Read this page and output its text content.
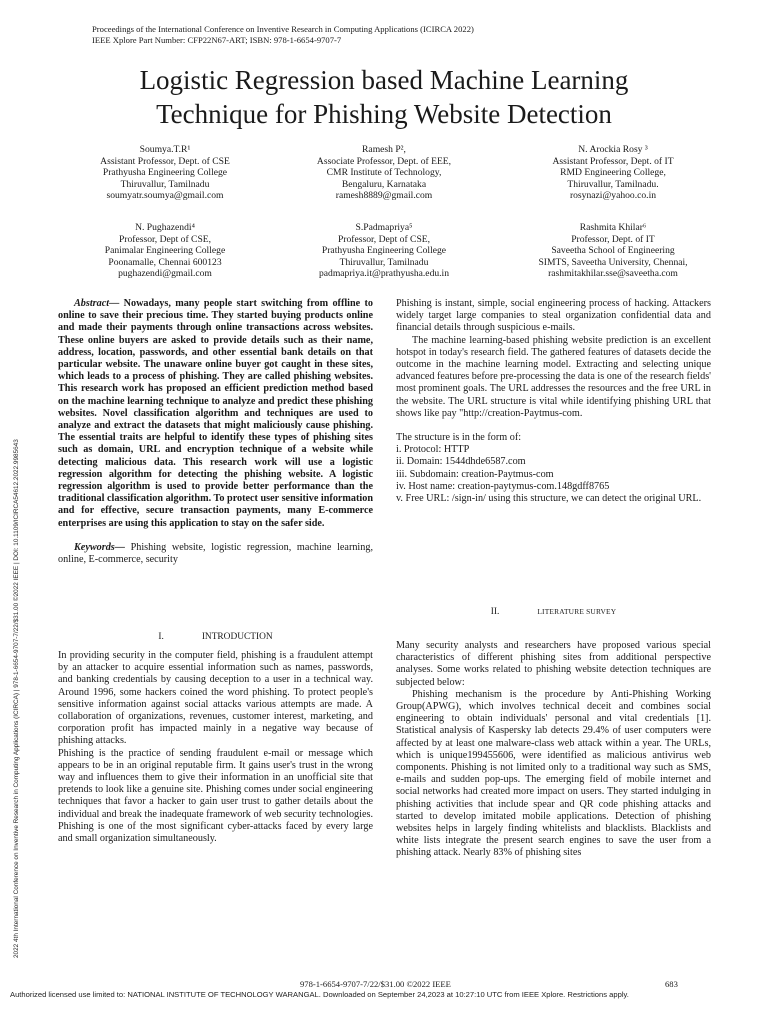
Proceedings of the International Conference on Inventive Research in Computing Applications (ICIRCA 2022)
IEEE Xplore Part Number: CFP22N67-ART; ISBN: 978-1-6654-9707-7
2022 4th International Conference on Inventive Research in Computing Applications (ICIRCA) | 978-1-6654-9707-7/22/$31.00 ©2022 IEEE | DOI: 10.1109/ICIRCA54612.2022.9985643
Logistic Regression based Machine Learning
Technique for Phishing Website Detection
Soumya.T.R¹
Assistant Professor, Dept. of CSE
Prathyusha Engineering College
Thiruvallur, Tamilnadu
soumyatr.soumya@gmail.com
Ramesh P²,
Associate Professor, Dept. of EEE,
CMR Institute of Technology,
Bengaluru, Karnataka
ramesh8889@gmail.com
N. Arockia Rosy ³
Assistant Professor, Dept. of IT
RMD Engineering College,
Thiruvallur, Tamilnadu.
rosynazi@yahoo.co.in
N. Pughazendi⁴
Professor, Dept of CSE,
Panimalar Engineering College
Poonamalle, Chennai 600123
pughazendi@gmail.com
S.Padmapriya⁵
Professor, Dept of CSE,
Prathyusha Engineering College
Thiruvallur, Tamilnadu
padmapriya.it@prathyusha.edu.in
Rashmita Khilar⁶
Professor, Dept. of IT
Saveetha School of Engineering
SIMTS, Saveetha University, Chennai,
rashmitakhilar.sse@saveetha.com

Abstract— Nowadays, many people start switching from offline to online to save their precious time. They started buying products online and made their payments through online transactions across websites. These online buyers are asked to provide details such as their name, address, location, passwords, and other essential bank details on that particular website. The unaware online buyer got caught in these sites, which leads to a process of phishing. They are called phishing websites. This research work has proposed an efficient prediction method based on the machine learning technique to analyze and predict these phishing websites. Novel classification algorithm and techniques are used to analyze and extract the datasets that might maliciously cause phishing. The essential traits are helpful to identify these types of phishing sites such as domain, URL and encryption technique of a website while detecting malicious data. This research work will use a logistic regression algorithm for detecting the phishing website. A logistic regression algorithm is used to provide better performance than the traditional classification algorithm. To protect user sensitive information and for effective, secure transaction payments, many E-commerce enterprises are using this application to stay on the safer side.

Keywords— Phishing website, logistic regression, machine learning, online, E-commerce, security

I.	INTRODUCTION

In providing security in the computer field, phishing is a fraudulent attempt by an attacker to acquire essential information such as names, passwords, and banking credentials by causing deception to a user in a technical way. Around 1996, some hackers coined the word phishing. To protect people's sensitive information against social attacks various attempts are made. A collaboration of organizations, revenues, customer interest, marketing, and corporation profit has impacted mainly in a negative way because of phishing attacks.

Phishing is the practice of sending fraudulent e-mail or message which appears to be in an original reputable firm. It gains user's trust in the wrong way and influences them to give their information in an unofficial site that pretends to look like a genuine site. Phishing comes under social engineering techniques that favor a hacker to gain user trust to gather details about the individual and break the inadequate framework of web security technologies. Phishing is one of the most significant cyber-attacks faced by every large and small organization simultaneously.

Phishing is instant, simple, social engineering process of hacking. Attackers widely target large companies to steal organization confidential data and financial details through suspicious e-mails.

The machine learning-based phishing website prediction is an excellent hotspot in today's research field. The gathered features of datasets decide the outcome in the machine learning model. Extracting and selecting unique advanced features before pre-processing the data is one of the research fields' most prominent goals. The URL addresses the resources and the free URL in the website. The URL structure is vital while identifying phishing URL that shows like pay "http://creation-Paytmus-com.

The structure is in the form of:

i. Protocol: HTTP

ii. Domain: 1544dhde6587.com

iii. Subdomain: creation-Paytmus-com

iv. Host name: creation-paytymus-com.148gdff8765

v. Free URL: /sign-in/ using this structure, we can detect the original URL.

II.	LITERATURE SURVEY

Many security analysts and researchers have proposed various special characteristics of different phishing sites from additional perspective analyses. Some works related to phishing website detection techniques are subjected below:

Phishing mechanism is the procedure by Anti-Phishing Working Group(APWG), which involves technical deceit and combines social engineering to obtain individuals' personal and vital credentials [1]. Statistical analysis of Kaspersky lab detects 29.4% of user computers were affected by at least one malware-class web attack within a year. The URLs, which is unique199455606, were identified as malicious antivirus web components. Phishing is not limited only to a traditional way such as SMS, e-mails and sudden pop-ups. The emerging field of mobile internet and social networks had created more impact on users. They started indulging in phishing activities that include spear and QR code phishing attacks and started to develop imitated mobile applications. Detection of phishing websites helps in largely finding whitelists and blacklists. Blacklists and white lists integrate the present search engines to save the user from a phishing attack. Nearly 83% of phishing sites

978-1-6654-9707-7/22/$31.00 ©2022 IEEE	683
Authorized licensed use limited to: NATIONAL INSTITUTE OF TECHNOLOGY WARANGAL. Downloaded on September 24,2023 at 10:27:10 UTC from IEEE Xplore. Restrictions apply.
